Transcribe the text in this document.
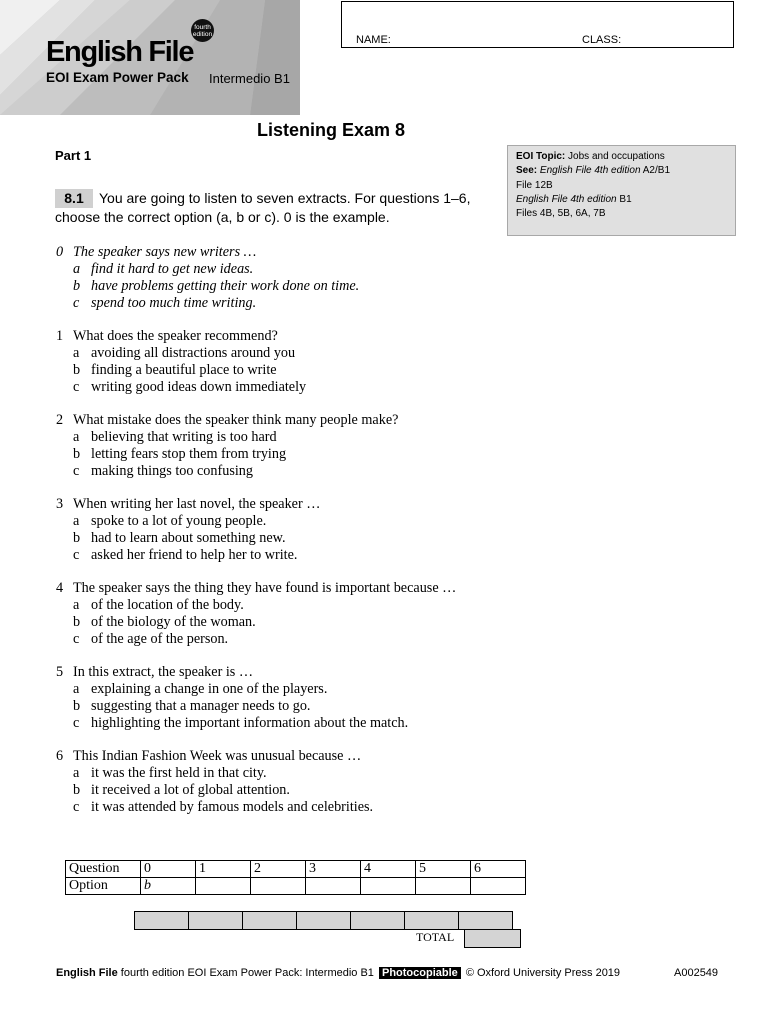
fourth
edition
English File
EOI Exam Power Pack Intermedio B1
NAME:	CLASS:
Listening Exam 8
Part 1	EOI Topic: Jobs and occupations
See: English File 4th edition A2/B1
File 12B
English File 4th edition B1
Files 4B, 5B, 6A, 7B
8.1 You are going to listen to seven extracts. For questions 1–6, choose the correct option (a, b or c). 0 is the example.
0 The speaker says new writers …
a find it hard to get new ideas.
b have problems getting their work done on time.
c spend too much time writing.
1 What does the speaker recommend?
a avoiding all distractions around you
b finding a beautiful place to write
c writing good ideas down immediately
2 What mistake does the speaker think many people make?
a believing that writing is too hard
b letting fears stop them from trying
c making things too confusing
3 When writing her last novel, the speaker …
a spoke to a lot of young people.
b had to learn about something new.
c asked her friend to help her to write.
4 The speaker says the thing they have found is important because …
a of the location of the body.
b of the biology of the woman.
c of the age of the person.
5 In this extract, the speaker is …
a explaining a change in one of the players.
b suggesting that a manager needs to go.
c highlighting the important information about the match.
6 This Indian Fashion Week was unusual because …
a it was the first held in that city.
b it received a lot of global attention.
c it was attended by famous models and celebrities.
Question	0	1	2	3	4	5	6
Option	b						

TOTAL
English File fourth edition EOI Exam Power Pack: Intermedio B1 Photocopiable © Oxford University Press 2019	A002549
